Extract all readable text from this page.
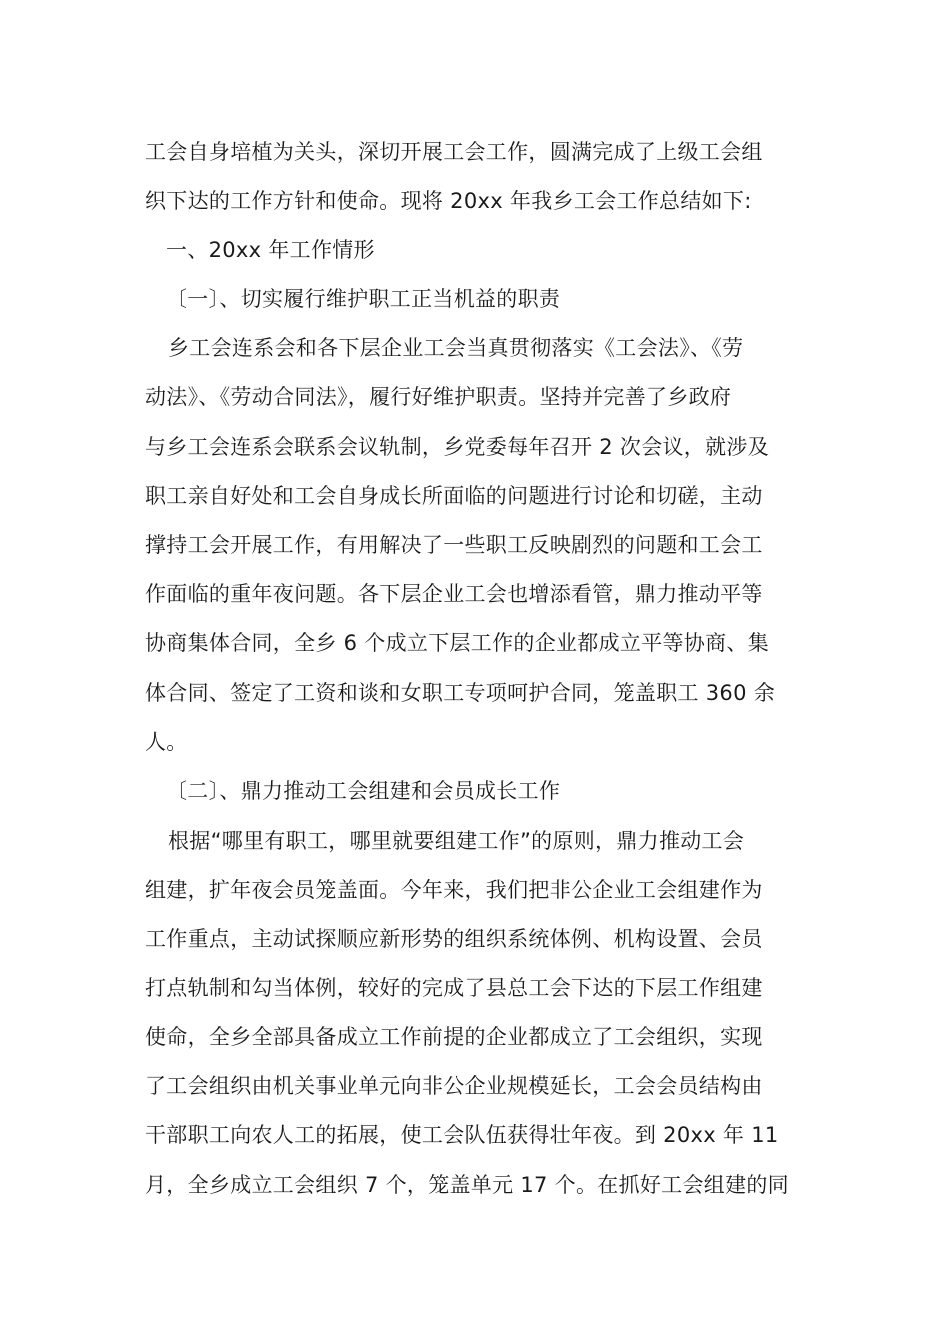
工会自身培植为关头，深切开展工会工作，圆满完成了上级工会组
织下达的工作方针和使命。现将 20xx 年我乡工会工作总结如下:
一、20xx 年工作情形
〔一〕、切实履行维护职工正当机益的职责
乡工会连系会和各下层企业工会当真贯彻落实《工会法》、《劳
动法》、《劳动合同法》，履行好维护职责。坚持并完善了乡政府
与乡工会连系会联系会议轨制，乡党委每年召开 2 次会议，就涉及
职工亲自好处和工会自身成长所面临的问题进行讨论和切磋，主动
撑持工会开展工作，有用解决了一些职工反映剧烈的问题和工会工
作面临的重年夜问题。各下层企业工会也增添看管，鼎力推动平等
协商集体合同，全乡 6 个成立下层工作的企业都成立平等协商、集
体合同、签定了工资和谈和女职工专项呵护合同，笼盖职工 360 余
人。
〔二〕、鼎力推动工会组建和会员成长工作
根据“哪里有职工，哪里就要组建工作”的原则，鼎力推动工会
组建，扩年夜会员笼盖面。今年来，我们把非公企业工会组建作为
工作重点，主动试探顺应新形势的组织系统体例、机构设置、会员
打点轨制和勾当体例，较好的完成了县总工会下达的下层工作组建
使命，全乡全部具备成立工作前提的企业都成立了工会组织，实现
了工会组织由机关事业单元向非公企业规模延长，工会会员结构由
干部职工向农人工的拓展，使工会队伍获得壮年夜。到 20xx 年 11
月，全乡成立工会组织 7 个，笼盖单元 17 个。在抓好工会组建的同
